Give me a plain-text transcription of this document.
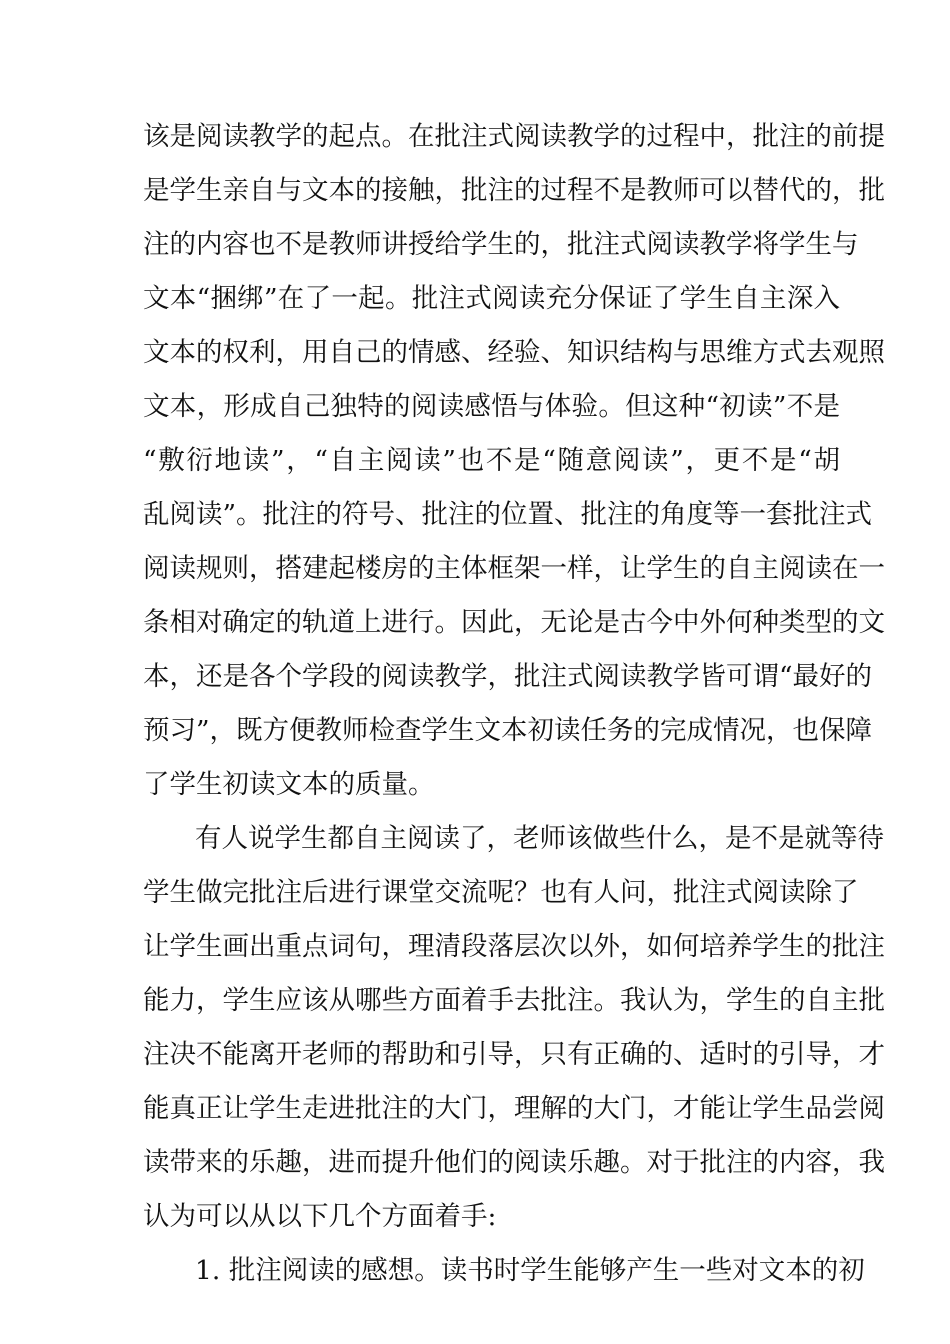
该是阅读教学的起点。在批注式阅读教学的过程中，批注的前提
是学生亲自与文本的接触，批注的过程不是教师可以替代的，批
注的内容也不是教师讲授给学生的，批注式阅读教学将学生与
文本“捆绑”在了一起。批注式阅读充分保证了学生自主深入
文本的权利，用自己的情感、经验、知识结构与思维方式去观照
文本，形成自己独特的阅读感悟与体验。但这种“初读”不是
“敷衍地读”，“自主阅读”也不是“随意阅读”，更不是“胡
乱阅读”。批注的符号、批注的位置、批注的角度等一套批注式
阅读规则，搭建起楼房的主体框架一样，让学生的自主阅读在一
条相对确定的轨道上进行。因此，无论是古今中外何种类型的文
本，还是各个学段的阅读教学，批注式阅读教学皆可谓“最好的
预习”，既方便教师检查学生文本初读任务的完成情况，也保障
了学生初读文本的质量。
有人说学生都自主阅读了，老师该做些什么，是不是就等待
学生做完批注后进行课堂交流呢？也有人问，批注式阅读除了
让学生画出重点词句，理清段落层次以外，如何培养学生的批注
能力，学生应该从哪些方面着手去批注。我认为，学生的自主批
注决不能离开老师的帮助和引导，只有正确的、适时的引导，才
能真正让学生走进批注的大门，理解的大门，才能让学生品尝阅
读带来的乐趣，进而提升他们的阅读乐趣。对于批注的内容，我
认为可以从以下几个方面着手:
1. 批注阅读的感想。读书时学生能够产生一些对文本的初
